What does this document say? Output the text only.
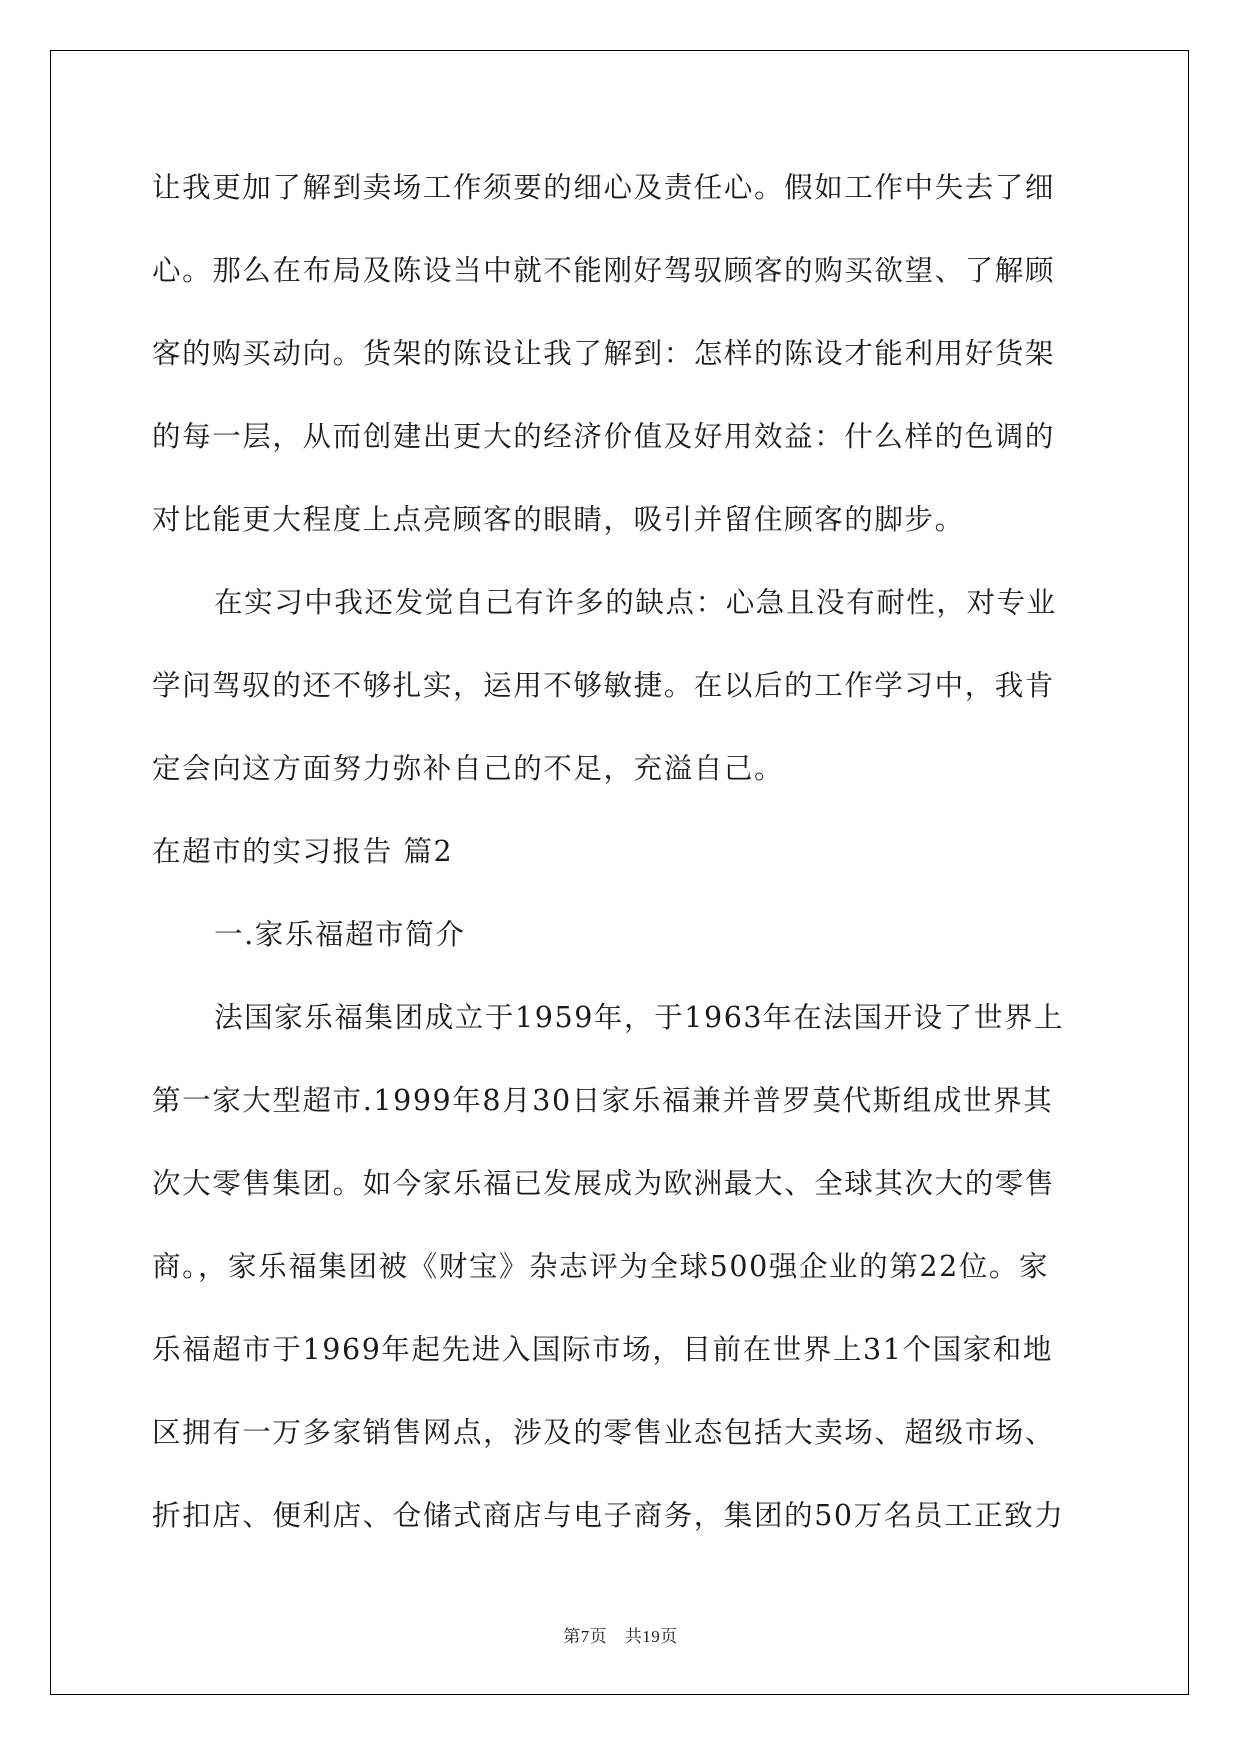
让我更加了解到卖场工作须要的细心及责任心。假如工作中失去了细
心。那么在布局及陈设当中就不能刚好驾驭顾客的购买欲望、了解顾
客的购买动向。货架的陈设让我了解到：怎样的陈设才能利用好货架
的每一层，从而创建出更大的经济价值及好用效益：什么样的色调的
对比能更大程度上点亮顾客的眼睛，吸引并留住顾客的脚步。
在实习中我还发觉自己有许多的缺点：心急且没有耐性，对专业
学问驾驭的还不够扎实，运用不够敏捷。在以后的工作学习中，我肯
定会向这方面努力弥补自己的不足，充溢自己。
在超市的实习报告 篇2
一.家乐福超市简介
法国家乐福集团成立于1959年，于1963年在法国开设了世界上
第一家大型超市.1999年8月30日家乐福兼并普罗莫代斯组成世界其
次大零售集团。如今家乐福已发展成为欧洲最大、全球其次大的零售
商。，家乐福集团被《财宝》杂志评为全球500强企业的第22位。家
乐福超市于1969年起先进入国际市场，目前在世界上31个国家和地
区拥有一万多家销售网点，涉及的零售业态包括大卖场、超级市场、
折扣店、便利店、仓储式商店与电子商务，集团的50万名员工正致力
第7页　共19页
